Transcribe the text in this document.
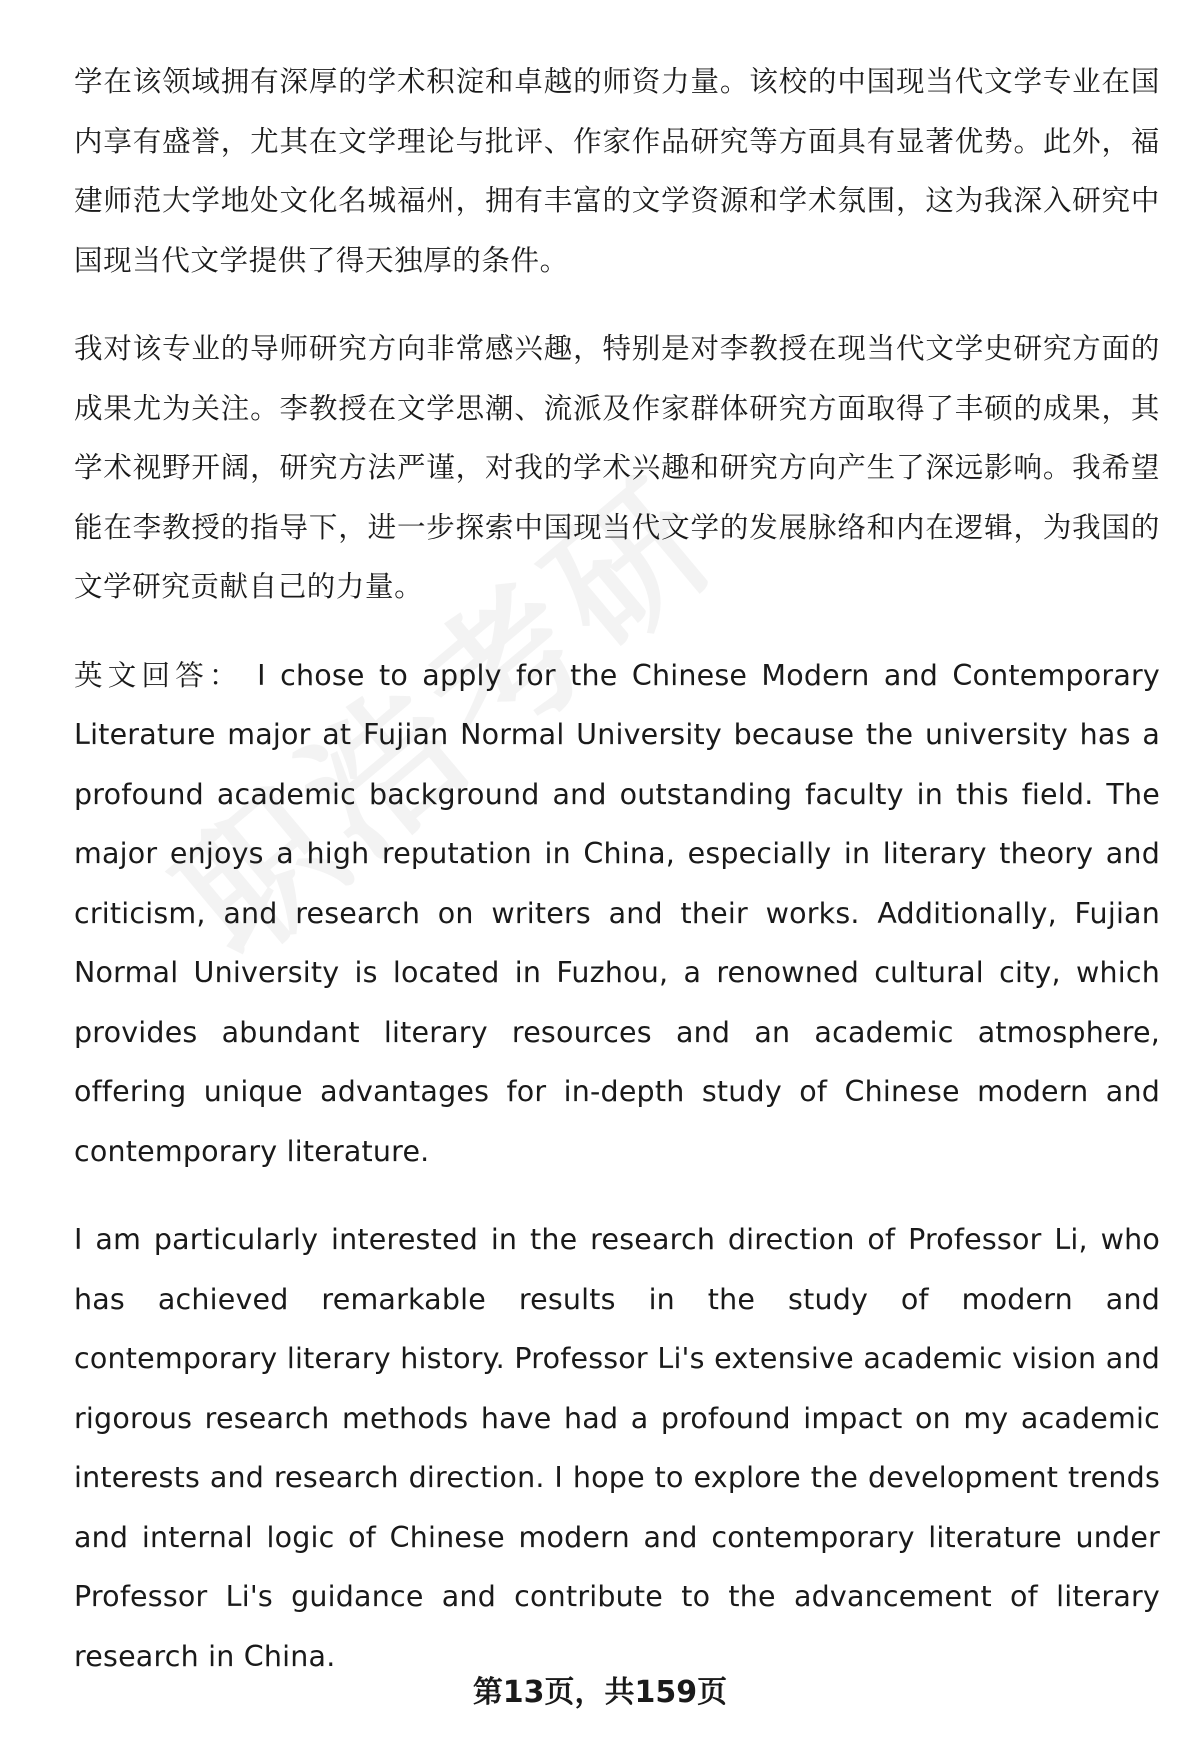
学在该领域拥有深厚的学术积淀和卓越的师资力量。该校的中国现当代文学专业在国内享有盛誉，尤其在文学理论与批评、作家作品研究等方面具有显著优势。此外，福建师范大学地处文化名城福州，拥有丰富的文学资源和学术氛围，这为我深入研究中国现当代文学提供了得天独厚的条件。

我对该专业的导师研究方向非常感兴趣，特别是对李教授在现当代文学史研究方面的成果尤为关注。李教授在文学思潮、流派及作家群体研究方面取得了丰硕的成果，其学术视野开阔，研究方法严谨，对我的学术兴趣和研究方向产生了深远影响。我希望能在李教授的指导下，进一步探索中国现当代文学的发展脉络和内在逻辑，为我国的文学研究贡献自己的力量。

英文回答： I chose to apply for the Chinese Modern and Contemporary Literature major at Fujian Normal University because the university has a profound academic background and outstanding faculty in this field. The major enjoys a high reputation in China, especially in literary theory and criticism, and research on writers and their works. Additionally, Fujian Normal University is located in Fuzhou, a renowned cultural city, which provides abundant literary resources and an academic atmosphere, offering unique advantages for in-depth study of Chinese modern and contemporary literature.

I am particularly interested in the research direction of Professor Li, who has achieved remarkable results in the study of modern and contemporary literary history. Professor Li's extensive academic vision and rigorous research methods have had a profound impact on my academic interests and research direction. I hope to explore the development trends and internal logic of Chinese modern and contemporary literature under Professor Li's guidance and contribute to the advancement of literary research in China.

第13页，共159页
